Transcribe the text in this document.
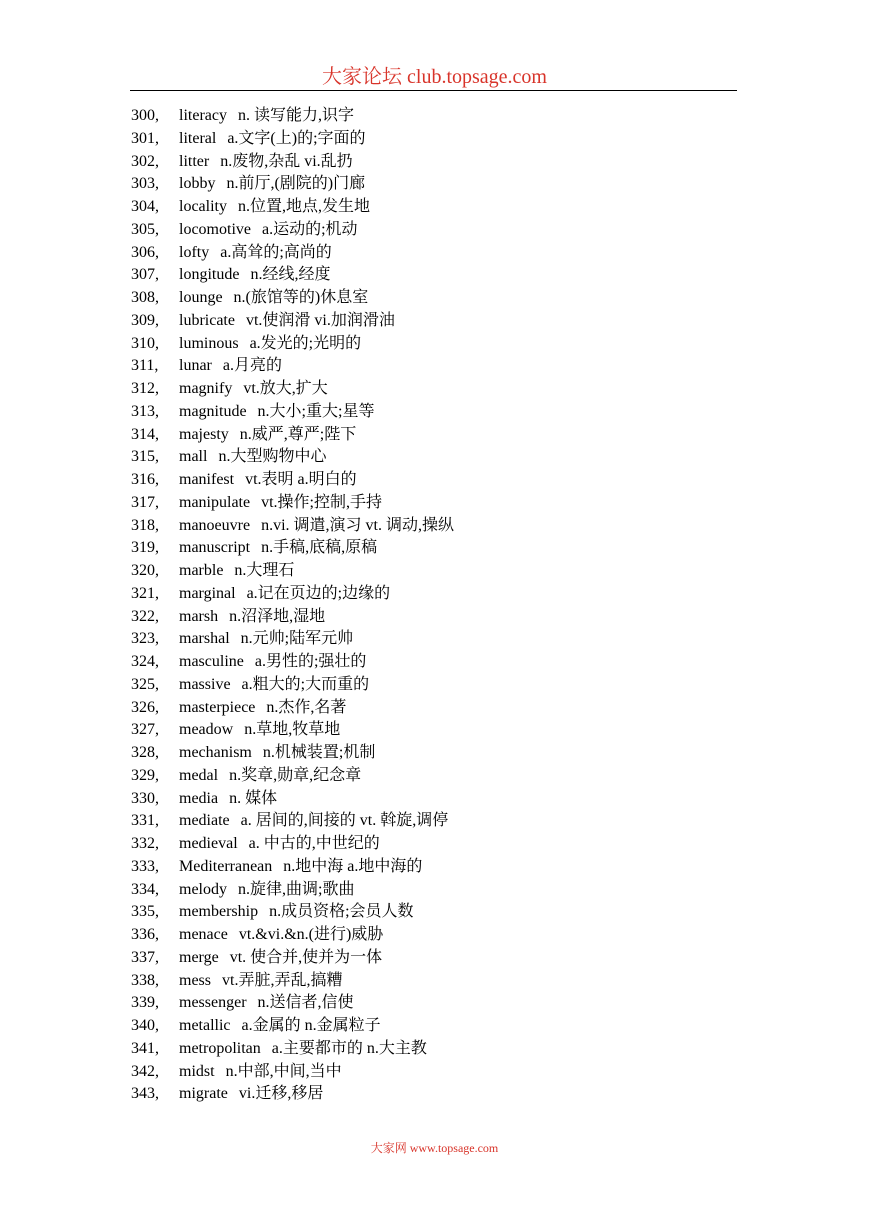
大家论坛 club.topsage.com
300, literacy n. 读写能力,识字
301, literal a.文字(上)的;字面的
302, litter n.废物,杂乱 vi.乱扔
303, lobby n.前厅,(剧院的)门廊
304, locality n.位置,地点,发生地
305, locomotive a.运动的;机动
306, lofty a.高耸的;高尚的
307, longitude n.经线,经度
308, lounge n.(旅馆等的)休息室
309, lubricate vt.使润滑 vi.加润滑油
310, luminous a.发光的;光明的
311, lunar a.月亮的
312, magnify vt.放大,扩大
313, magnitude n.大小;重大;星等
314, majesty n.威严,尊严;陛下
315, mall n.大型购物中心
316, manifest vt.表明 a.明白的
317, manipulate vt.操作;控制,手持
318, manoeuvre n.vi. 调遣,演习 vt. 调动,操纵
319, manuscript n.手稿,底稿,原稿
320, marble n.大理石
321, marginal a.记在页边的;边缘的
322, marsh n.沼泽地,湿地
323, marshal n.元帅;陆军元帅
324, masculine a.男性的;强壮的
325, massive a.粗大的;大而重的
326, masterpiece n.杰作,名著
327, meadow n.草地,牧草地
328, mechanism n.机械装置;机制
329, medal n.奖章,勋章,纪念章
330, media n. 媒体
331, mediate a. 居间的,间接的 vt. 斡旋,调停
332, medieval a. 中古的,中世纪的
333, Mediterranean n.地中海 a.地中海的
334, melody n.旋律,曲调;歌曲
335, membership n.成员资格;会员人数
336, menace vt.&vi.&n.(进行)威胁
337, merge vt. 使合并,使并为一体
338, mess vt.弄脏,弄乱,搞糟
339, messenger n.送信者,信使
340, metallic a.金属的 n.金属粒子
341, metropolitan a.主要都市的 n.大主教
342, midst n.中部,中间,当中
343, migrate vi.迁移,移居
大家网 www.topsage.com
